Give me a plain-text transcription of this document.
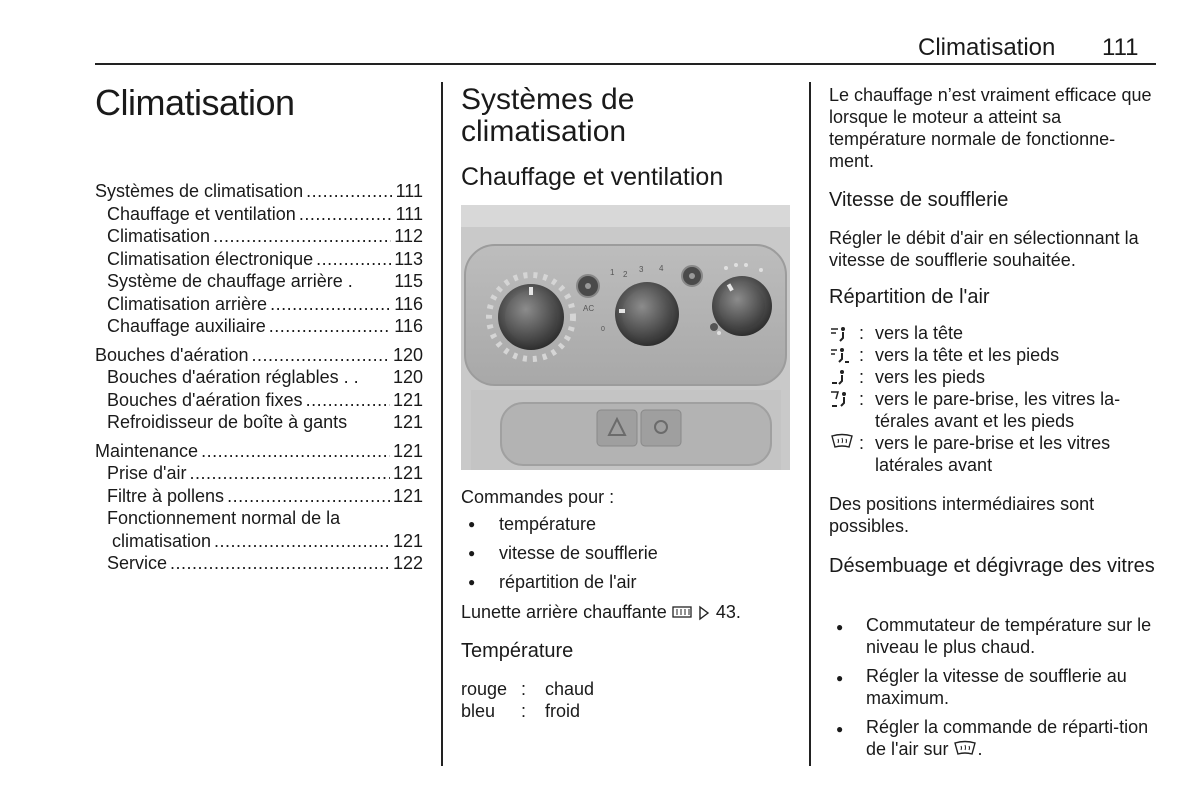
Climatisation 111
Climatisation
Systèmes de climatisation .....	111
Chauffage et ventilation .....	111
Climatisation .....	112
Climatisation électronique .....	113
Système de chauffage arrière . 115
Climatisation arrière .....	116
Chauffage auxiliaire .....	116
Bouches d'aération .....	120
Bouches d'aération réglables . . 120
Bouches d'aération fixes .....	121
Refroidisseur de boîte à gants	121
Maintenance .....	121
Prise d'air .....	121
Filtre à pollens .....	121
Fonctionnement normal de la
climatisation .....	121
Service .....	122
Systèmes de climatisation
Chauffage et ventilation
AC
0
1 2
3 4
Commandes pour :
● température
● vitesse de soufflerie
● répartition de l'air
Lunette arrière chauffante	43.
Température
rouge :	chaud
bleu	:	froid
Le chauffage n’est vraiment efficace que lorsque le moteur a atteint sa température normale de fonctionne-ment.
Vitesse de soufflerie
Régler le débit d'air en sélectionnant la vitesse de soufflerie souhaitée.
Répartition de l'air
: vers la tête
: vers la tête et les pieds
: vers les pieds
: vers le pare-brise, les vitres la-térales avant et les pieds
: vers le pare-brise et les vitres latérales avant
Des positions intermédiaires sont possibles.
Désembuage et dégivrage des vitres
● Commutateur de température sur le niveau le plus chaud.
● Régler la vitesse de soufflerie au maximum.
● Régler la commande de réparti-tion de l'air sur .
